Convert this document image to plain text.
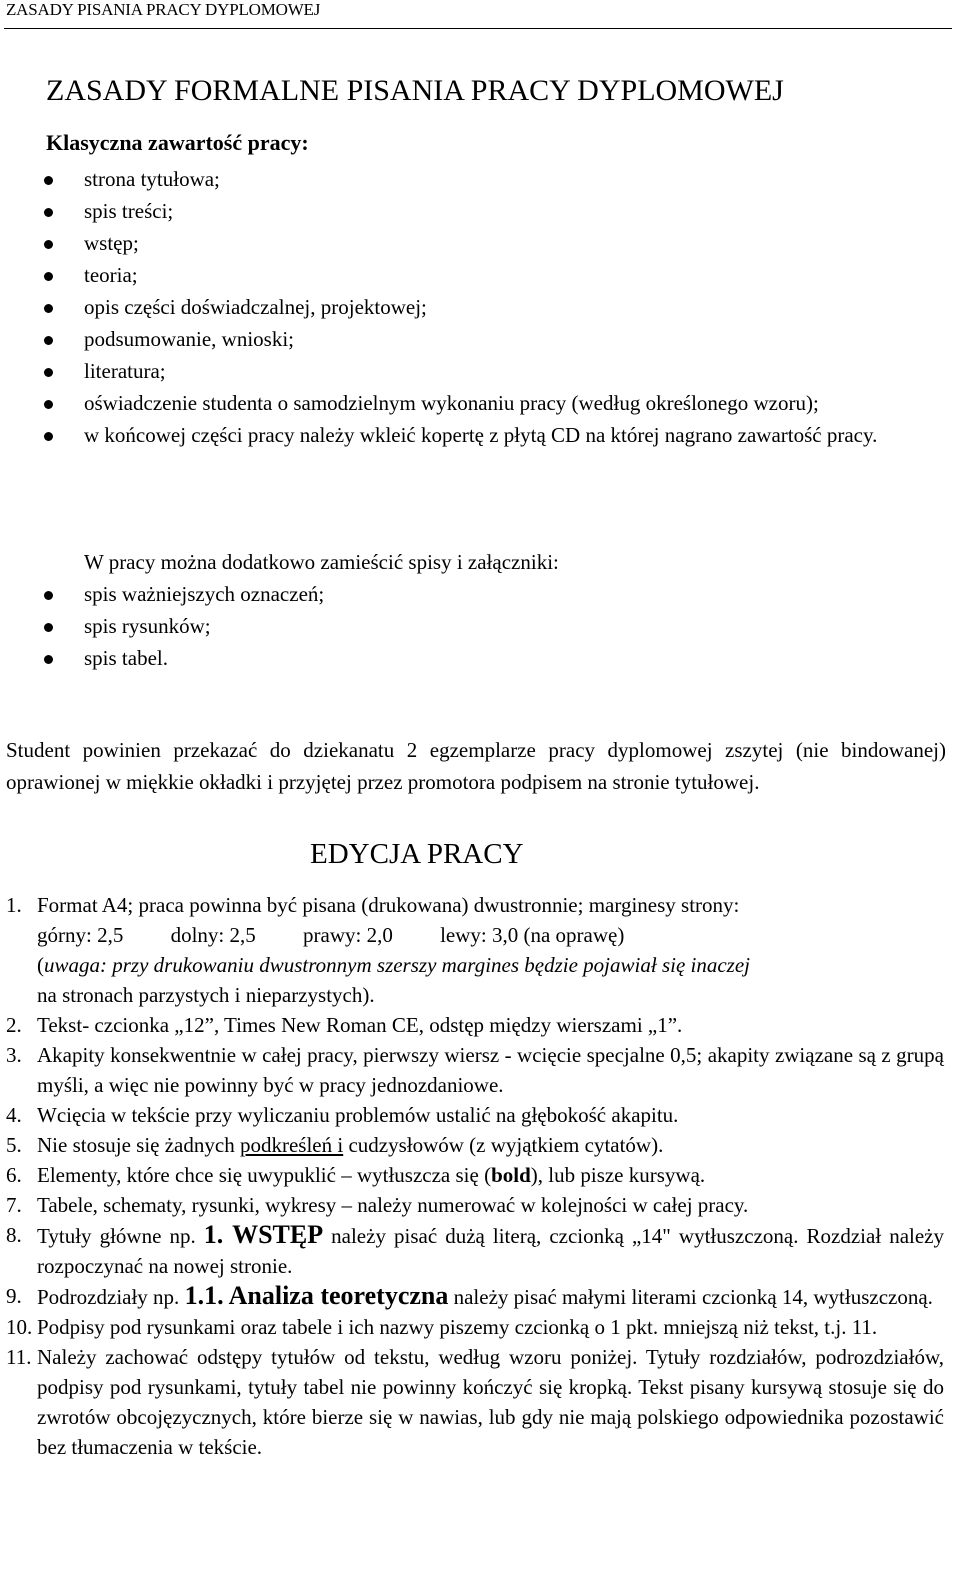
ZASADY PISANIA PRACY DYPLOMOWEJ
ZASADY FORMALNE PISANIA PRACY DYPLOMOWEJ
Klasyczna zawartość pracy:
strona tytułowa;
spis treści;
wstęp;
teoria;
opis części doświadczalnej, projektowej;
podsumowanie, wnioski;
literatura;
oświadczenie studenta o samodzielnym wykonaniu pracy (według określonego wzoru);
w końcowej części pracy należy wkleić kopertę z płytą CD na której nagrano zawartość pracy.
W pracy można dodatkowo zamieścić spisy i załączniki:
spis ważniejszych oznaczeń;
spis rysunków;
spis tabel.
Student powinien przekazać do dziekanatu 2 egzemplarze pracy dyplomowej zszytej (nie bindowanej) oprawionej w miękkie okładki i przyjętej przez promotora podpisem na stronie tytułowej.
EDYCJA PRACY
1. Format A4; praca powinna być pisana (drukowana) dwustronnie; marginesy strony:
górny: 2,5 dolny: 2,5 prawy: 2,0 lewy: 3,0 (na oprawę)
(uwaga: przy drukowaniu dwustronnym szerszy margines będzie pojawiał się inaczej
na stronach parzystych i nieparzystych).
2. Tekst- czcionka „12”, Times New Roman CE, odstęp między wierszami „1”.
3. Akapity konsekwentnie w całej pracy, pierwszy wiersz - wcięcie specjalne 0,5; akapity związane są z grupą myśli, a więc nie powinny być w pracy jednozdaniowe.
4. Wcięcia w tekście przy wyliczaniu problemów ustalić na głębokość akapitu.
5. Nie stosuje się żadnych podkreśleń i cudzysłowów (z wyjątkiem cytatów).
6. Elementy, które chce się uwypuklić – wytłuszcza się (bold), lub pisze kursywą.
7. Tabele, schematy, rysunki, wykresy – należy numerować w kolejności w całej pracy.
8. Tytuły główne np. 1. WSTĘP należy pisać dużą literą, czcionką „14" wytłuszczoną. Rozdział należy rozpoczynać na nowej stronie.
9. Podrozdziały np. 1.1. Analiza teoretyczna należy pisać małymi literami czcionką 14, wytłuszczoną.
10. Podpisy pod rysunkami oraz tabele i ich nazwy piszemy czcionką o 1 pkt. mniejszą niż tekst, t.j. 11.
11. Należy zachować odstępy tytułów od tekstu, według wzoru poniżej. Tytuły rozdziałów, podrozdziałów, podpisy pod rysunkami, tytuły tabel nie powinny kończyć się kropką. Tekst pisany kursywą stosuje się do zwrotów obcojęzycznych, które bierze się w nawias, lub gdy nie mają polskiego odpowiednika pozostawić bez tłumaczenia w tekście.
